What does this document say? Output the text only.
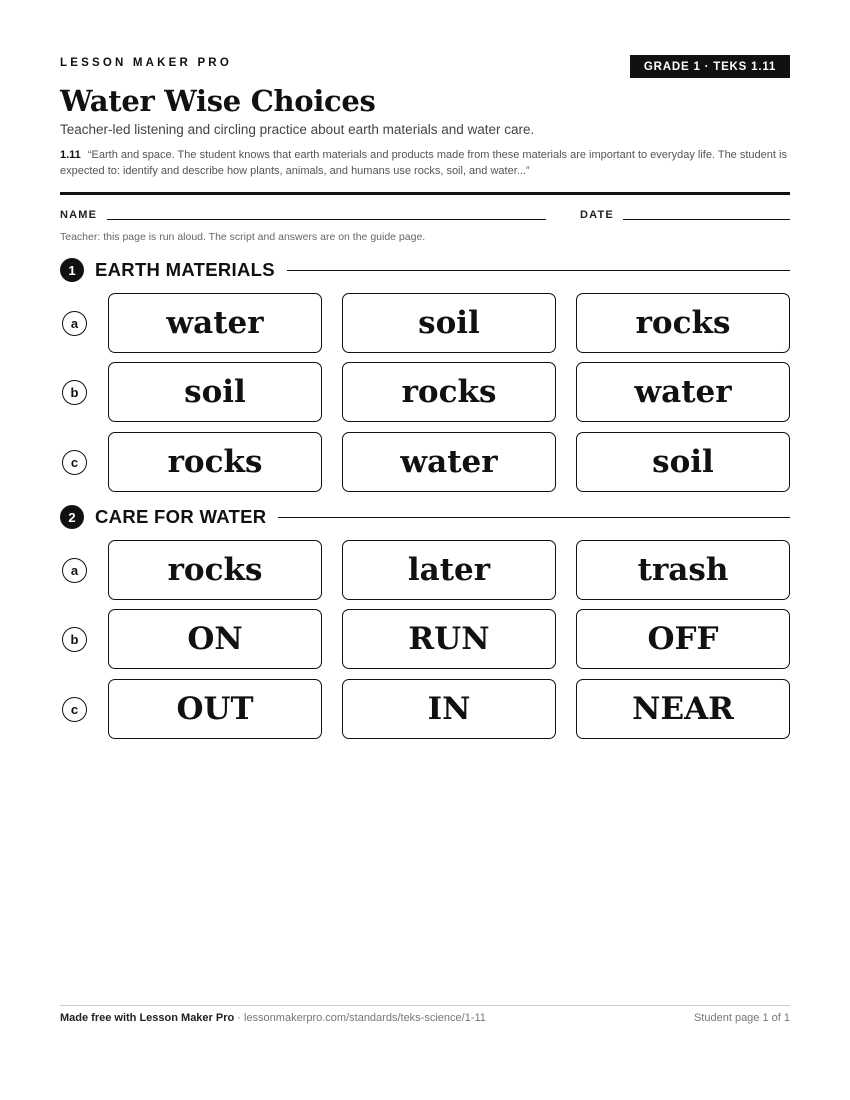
LESSON MAKER PRO	GRADE 1 · TEKS 1.11
Water Wise Choices
Teacher-led listening and circling practice about earth materials and water care.
1.11 “Earth and space. The student knows that earth materials and products made from these materials are important to everyday life. The student is expected to: identify and describe how plants, animals, and humans use rocks, soil, and water...”
NAME	DATE
Teacher: this page is run aloud. The script and answers are on the guide page.
1	EARTH MATERIALS
a	water	soil	rocks
b	soil	rocks	water
c	rocks	water	soil
2	CARE FOR WATER
a	rocks	later	trash
b	ON	RUN	OFF
c	OUT	IN	NEAR
Made free with Lesson Maker Pro · lessonmakerpro.com/standards/teks-science/1-11	Student page 1 of 1
